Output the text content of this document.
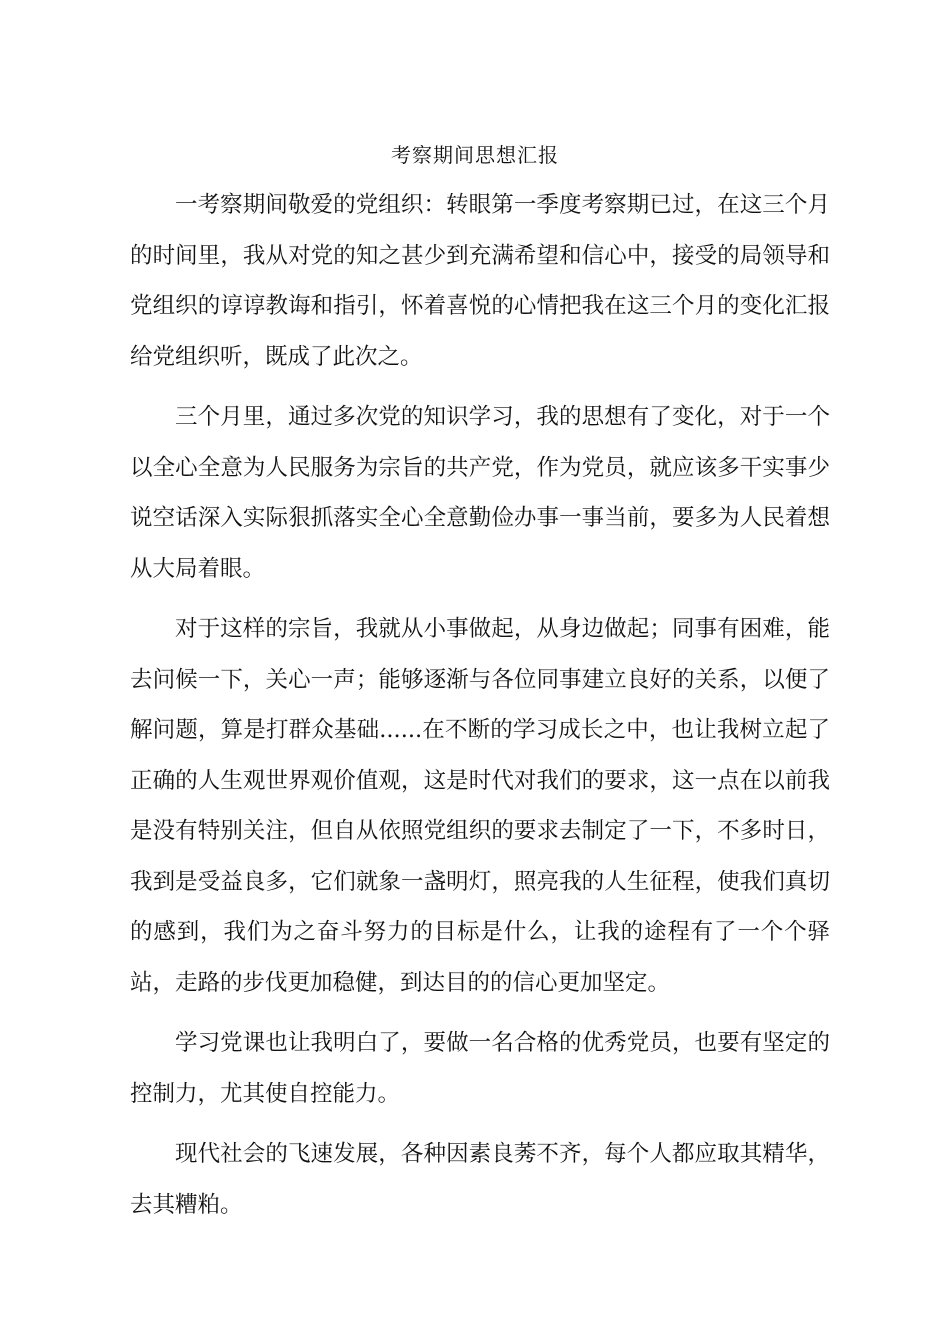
考察期间思想汇报

一考察期间敬爱的党组织：转眼第一季度考察期已过，在这三个月的时间里，我从对党的知之甚少到充满希望和信心中，接受的局领导和党组织的谆谆教诲和指引，怀着喜悦的心情把我在这三个月的变化汇报给党组织听，既成了此次之。

三个月里，通过多次党的知识学习，我的思想有了变化，对于一个以全心全意为人民服务为宗旨的共产党，作为党员，就应该多干实事少说空话深入实际狠抓落实全心全意勤俭办事一事当前，要多为人民着想从大局着眼。

对于这样的宗旨，我就从小事做起，从身边做起；同事有困难，能去问候一下，关心一声；能够逐渐与各位同事建立良好的关系，以便了解问题，算是打群众基础......在不断的学习成长之中，也让我树立起了正确的人生观世界观价值观，这是时代对我们的要求，这一点在以前我是没有特别关注，但自从依照党组织的要求去制定了一下，不多时日，我到是受益良多，它们就象一盏明灯，照亮我的人生征程，使我们真切的感到，我们为之奋斗努力的目标是什么，让我的途程有了一个个驿站，走路的步伐更加稳健，到达目的的信心更加坚定。

学习党课也让我明白了，要做一名合格的优秀党员，也要有坚定的控制力，尤其使自控能力。

现代社会的飞速发展，各种因素良莠不齐，每个人都应取其精华，去其糟粕。
